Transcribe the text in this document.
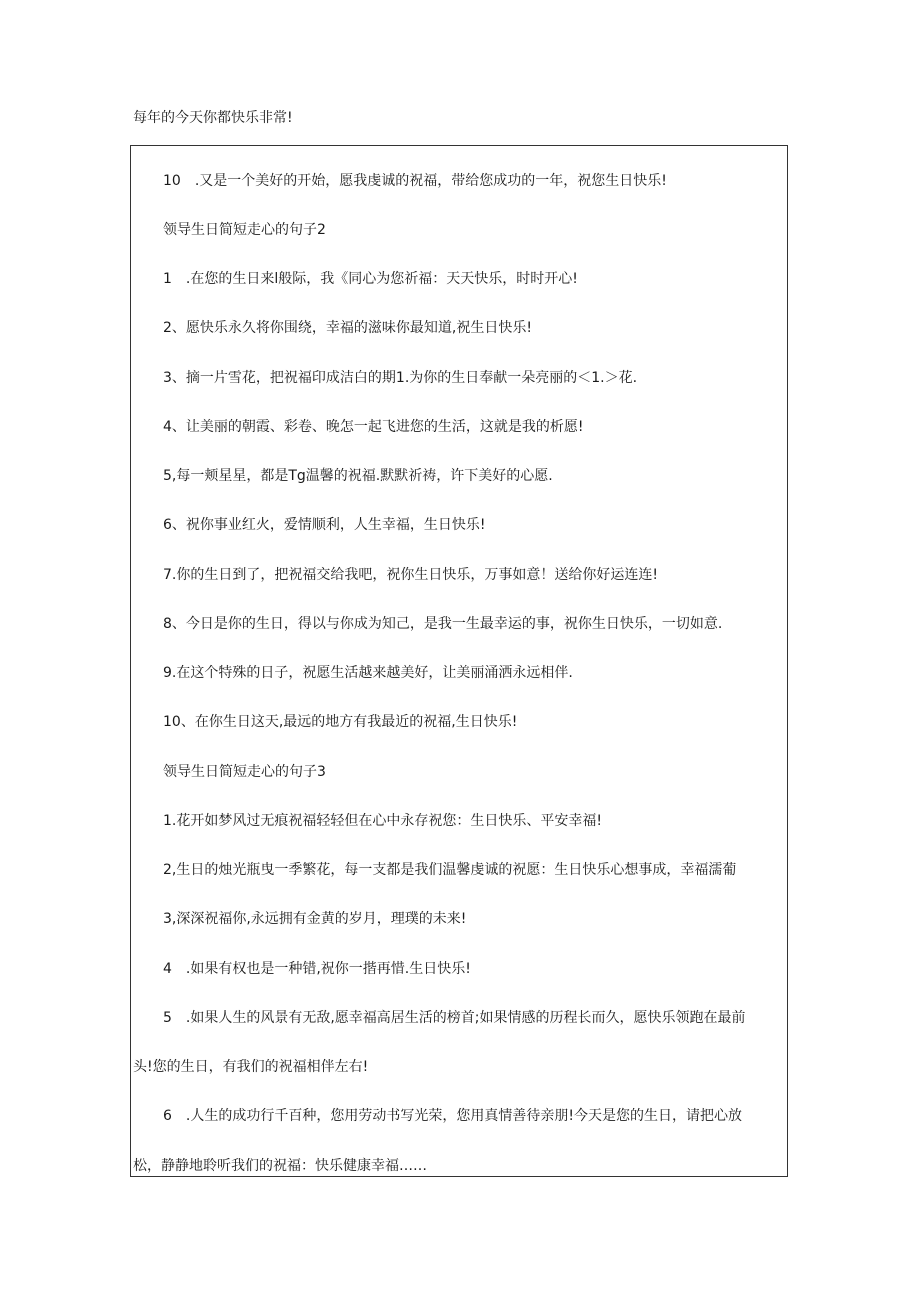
每年的今天你都快乐非常!
10　.又是一个美好的开始，愿我虔诚的祝福，带给您成功的一年，祝您生日快乐!
领导生日简短走心的句子2
1　.在您的生日来l般际，我《同心为您祈福：天天快乐，时时开心!
2、愿快乐永久将你围绕，幸福的滋味你最知道,祝生日快乐!
3、摘一片雪花，把祝福印成洁白的期1.为你的生日奉献一朵亮丽的＜1.＞花.
4、让美丽的朝霞、彩卷、晚怎一起飞进您的生活，这就是我的析愿!
5,每一颊星星，都是Tg温馨的祝福.默默祈祷，许下美好的心愿.
6、祝你事业红火，爱情顺利，人生幸福，生日快乐!
7.你的生日到了，把祝福交给我吧，祝你生日快乐，万事如意！送给你好运连连!
8、今日是你的生日，得以与你成为知己，是我一生最幸运的事，祝你生日快乐，一切如意.
9.在这个特殊的日子，祝愿生活越来越美好，让美丽涌洒永远相伴.
10、在你生日这天,最远的地方有我最近的祝福,生日快乐!
领导生日简短走心的句子3
1.花开如梦风过无痕祝福轻轻但在心中永存祝您：生日快乐、平安幸福!
2,生日的烛光瓶曳一季繁花，每一支都是我们温馨虔诚的祝愿：生日快乐心想事成，幸福濡葡
3,深深祝福你,永远拥有金黄的岁月，理璞的未来!
4　.如果有权也是一种错,祝你一揩再惜.生日快乐!
5　.如果人生的风景有无敌,愿幸福高居生活的榜首;如果情感的历程长而久，愿快乐领跑在最前
头!您的生日，有我们的祝福相伴左右!
6　.人生的成功行千百种，您用劳动书写光荣，您用真情善待亲朋!今天是您的生日，请把心放
松，静静地聆听我们的祝福：快乐健康幸福……
